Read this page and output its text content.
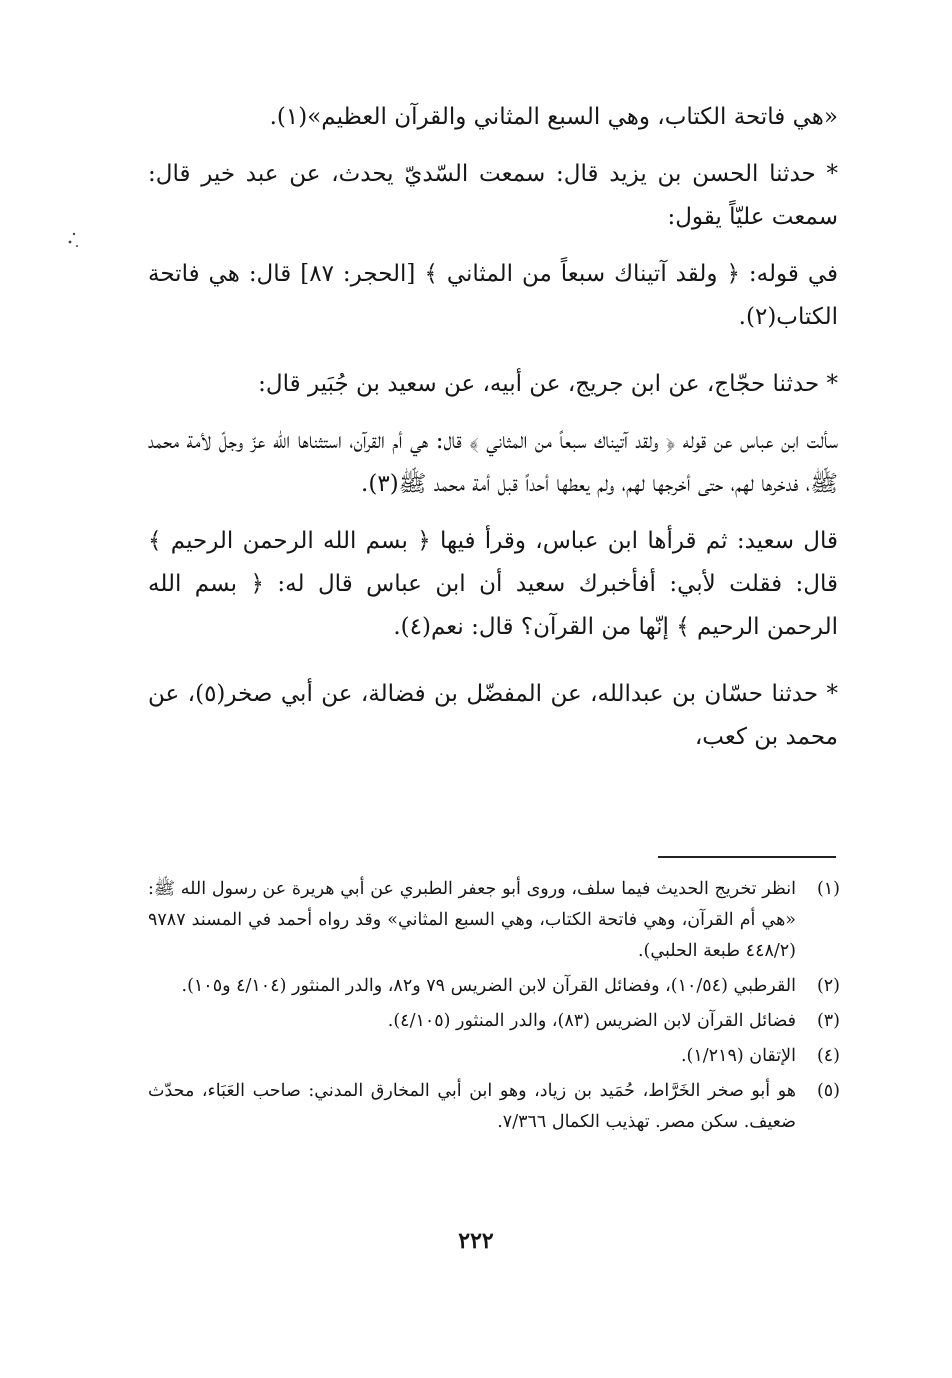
«هي فاتحة الكتاب، وهي السبع المثاني والقرآن العظيم»(١).

* حدثنا الحسن بن يزيد قال: سمعت السّديّ يحدث، عن عبد خير قال: سمعت عليّاً يقول:

في قوله: ﴿ ولقد آتيناك سبعاً من المثاني ﴾ [الحجر: ٨٧] قال: هي فاتحة الكتاب(٢).

* حدثنا حجّاج، عن ابن جريج، عن أبيه، عن سعيد بن جُبَير قال:

سألت ابن عباس عن قوله ﴿ ولقد آتيناك سبعاً من المثاني ﴾ قال: هي أم القرآن، استثناها الله عزّ وجلّ لأمة محمد ﷺ، فدخرها لهم، حتى أخرجها لهم، ولم يعطها أحداً قبل أمة محمد ﷺ(٣).

قال سعيد: ثم قرأها ابن عباس، وقرأ فيها ﴿ بسم الله الرحمن الرحيم ﴾ قال: فقلت لأبي: أفأخبرك سعيد أن ابن عباس قال له: ﴿ بسم الله الرحمن الرحيم ﴾ إنّها من القرآن؟ قال: نعم(٤).

* حدثنا حسّان بن عبدالله، عن المفضّل بن فضالة، عن أبي صخر(٥)، عن محمد بن كعب،

(١)انظر تخريج الحديث فيما سلف، وروى أبو جعفر الطبري عن أبي هريرة عن رسول الله ﷺ: «هي أم القرآن، وهي فاتحة الكتاب، وهي السبع المثاني» وقد رواه أحمد في المسند ٩٧٨٧ (٤٤٨/٢ طبعة الحلبي).

(٢)القرطبي (١٠/٥٤)، وفضائل القرآن لابن الضريس ٧٩ و٨٢، والدر المنثور (٤/١٠٤ و١٠٥).

(٣)فضائل القرآن لابن الضريس (٨٣)، والدر المنثور (٤/١٠٥).

(٤)الإتقان (١/٢١٩).

(٥)هو أبو صخر الخَرَّاط، حُمَيد بن زياد، وهو ابن أبي المخارق المدني: صاحب العَبَاء، محدّث ضعيف. سكن مصر. تهذيب الكمال ٧/٣٦٦.

٢٢٢
